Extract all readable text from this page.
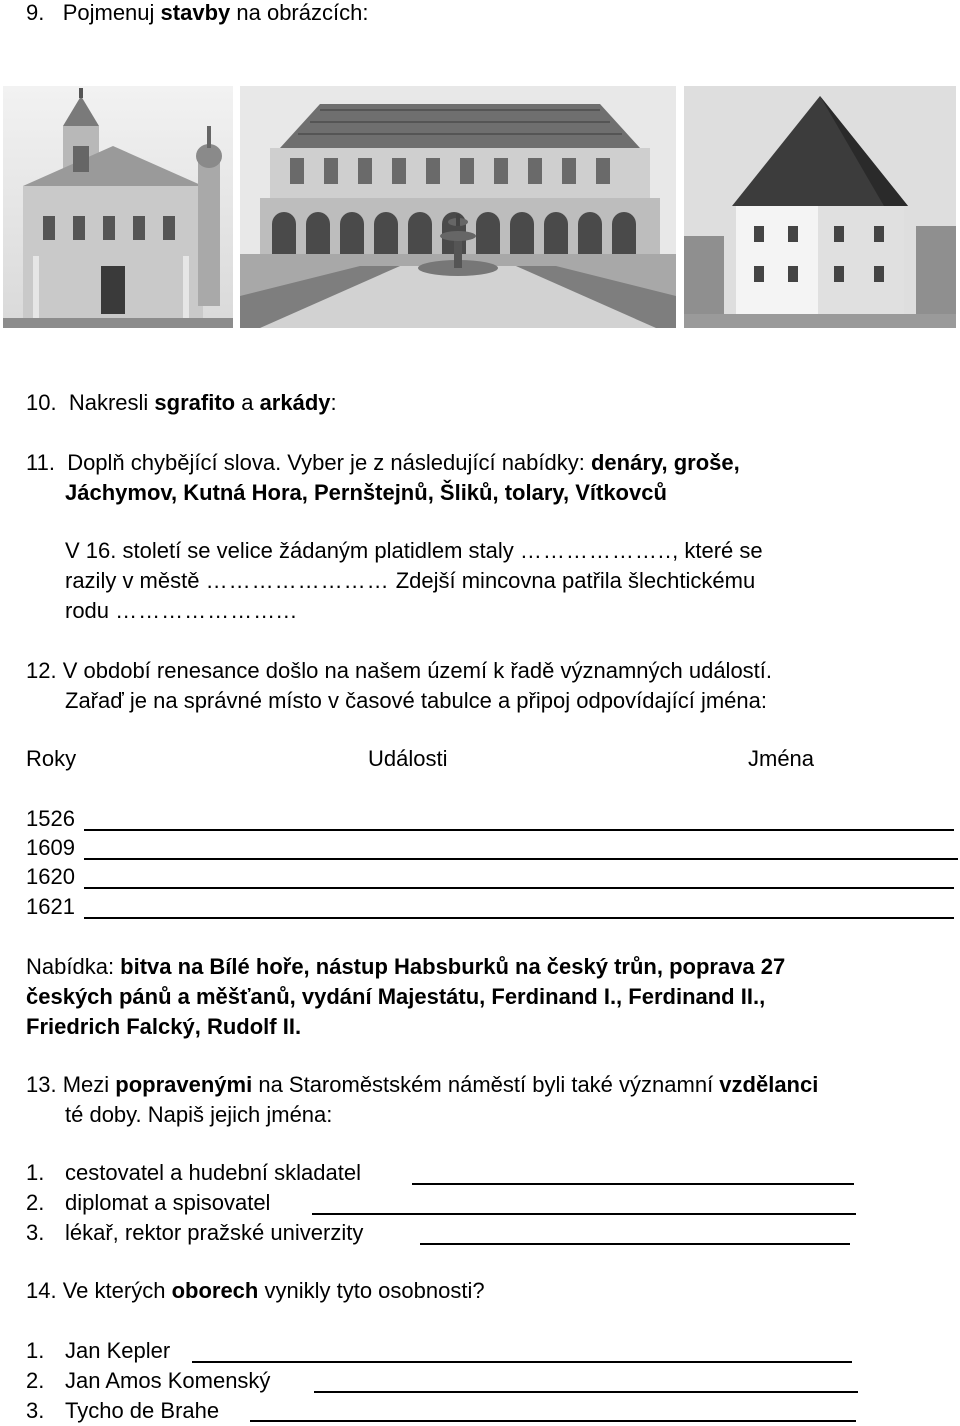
9. Pojmenuj stavby na obrázcích:
10. Nakresli sgrafito a arkády:
11. Doplň chybějící slova. Vyber je z následující nabídky: denáry, groše,
Jáchymov, Kutná Hora, Pernštejnů, Šliků, tolary, Vítkovců
V 16. století se velice žádaným platidlem staly ……………….., které se
razily v městě …………………… Zdejší mincovna patřila šlechtickému
rodu …………………...
12. V období renesance došlo na našem území k řadě významných událostí.
Zařaď je na správné místo v časové tabulce a připoj odpovídající jména:
Roky	Události	Jména
1526
1609
1620
1621
Nabídka: bitva na Bílé hoře, nástup Habsburků na český trůn, poprava 27
českých pánů a měšťanů, vydání Majestátu, Ferdinand I., Ferdinand II.,
Friedrich Falcký, Rudolf II.
13. Mezi popravenými na Staroměstském náměstí byli také významní vzdělanci
té doby. Napiš jejich jména:
1. cestovatel a hudební skladatel
2. diplomat a spisovatel
3. lékař, rektor pražské univerzity
14. Ve kterých oborech vynikly tyto osobnosti?
1. Jan Kepler
2. Jan Amos Komenský
3. Tycho de Brahe
